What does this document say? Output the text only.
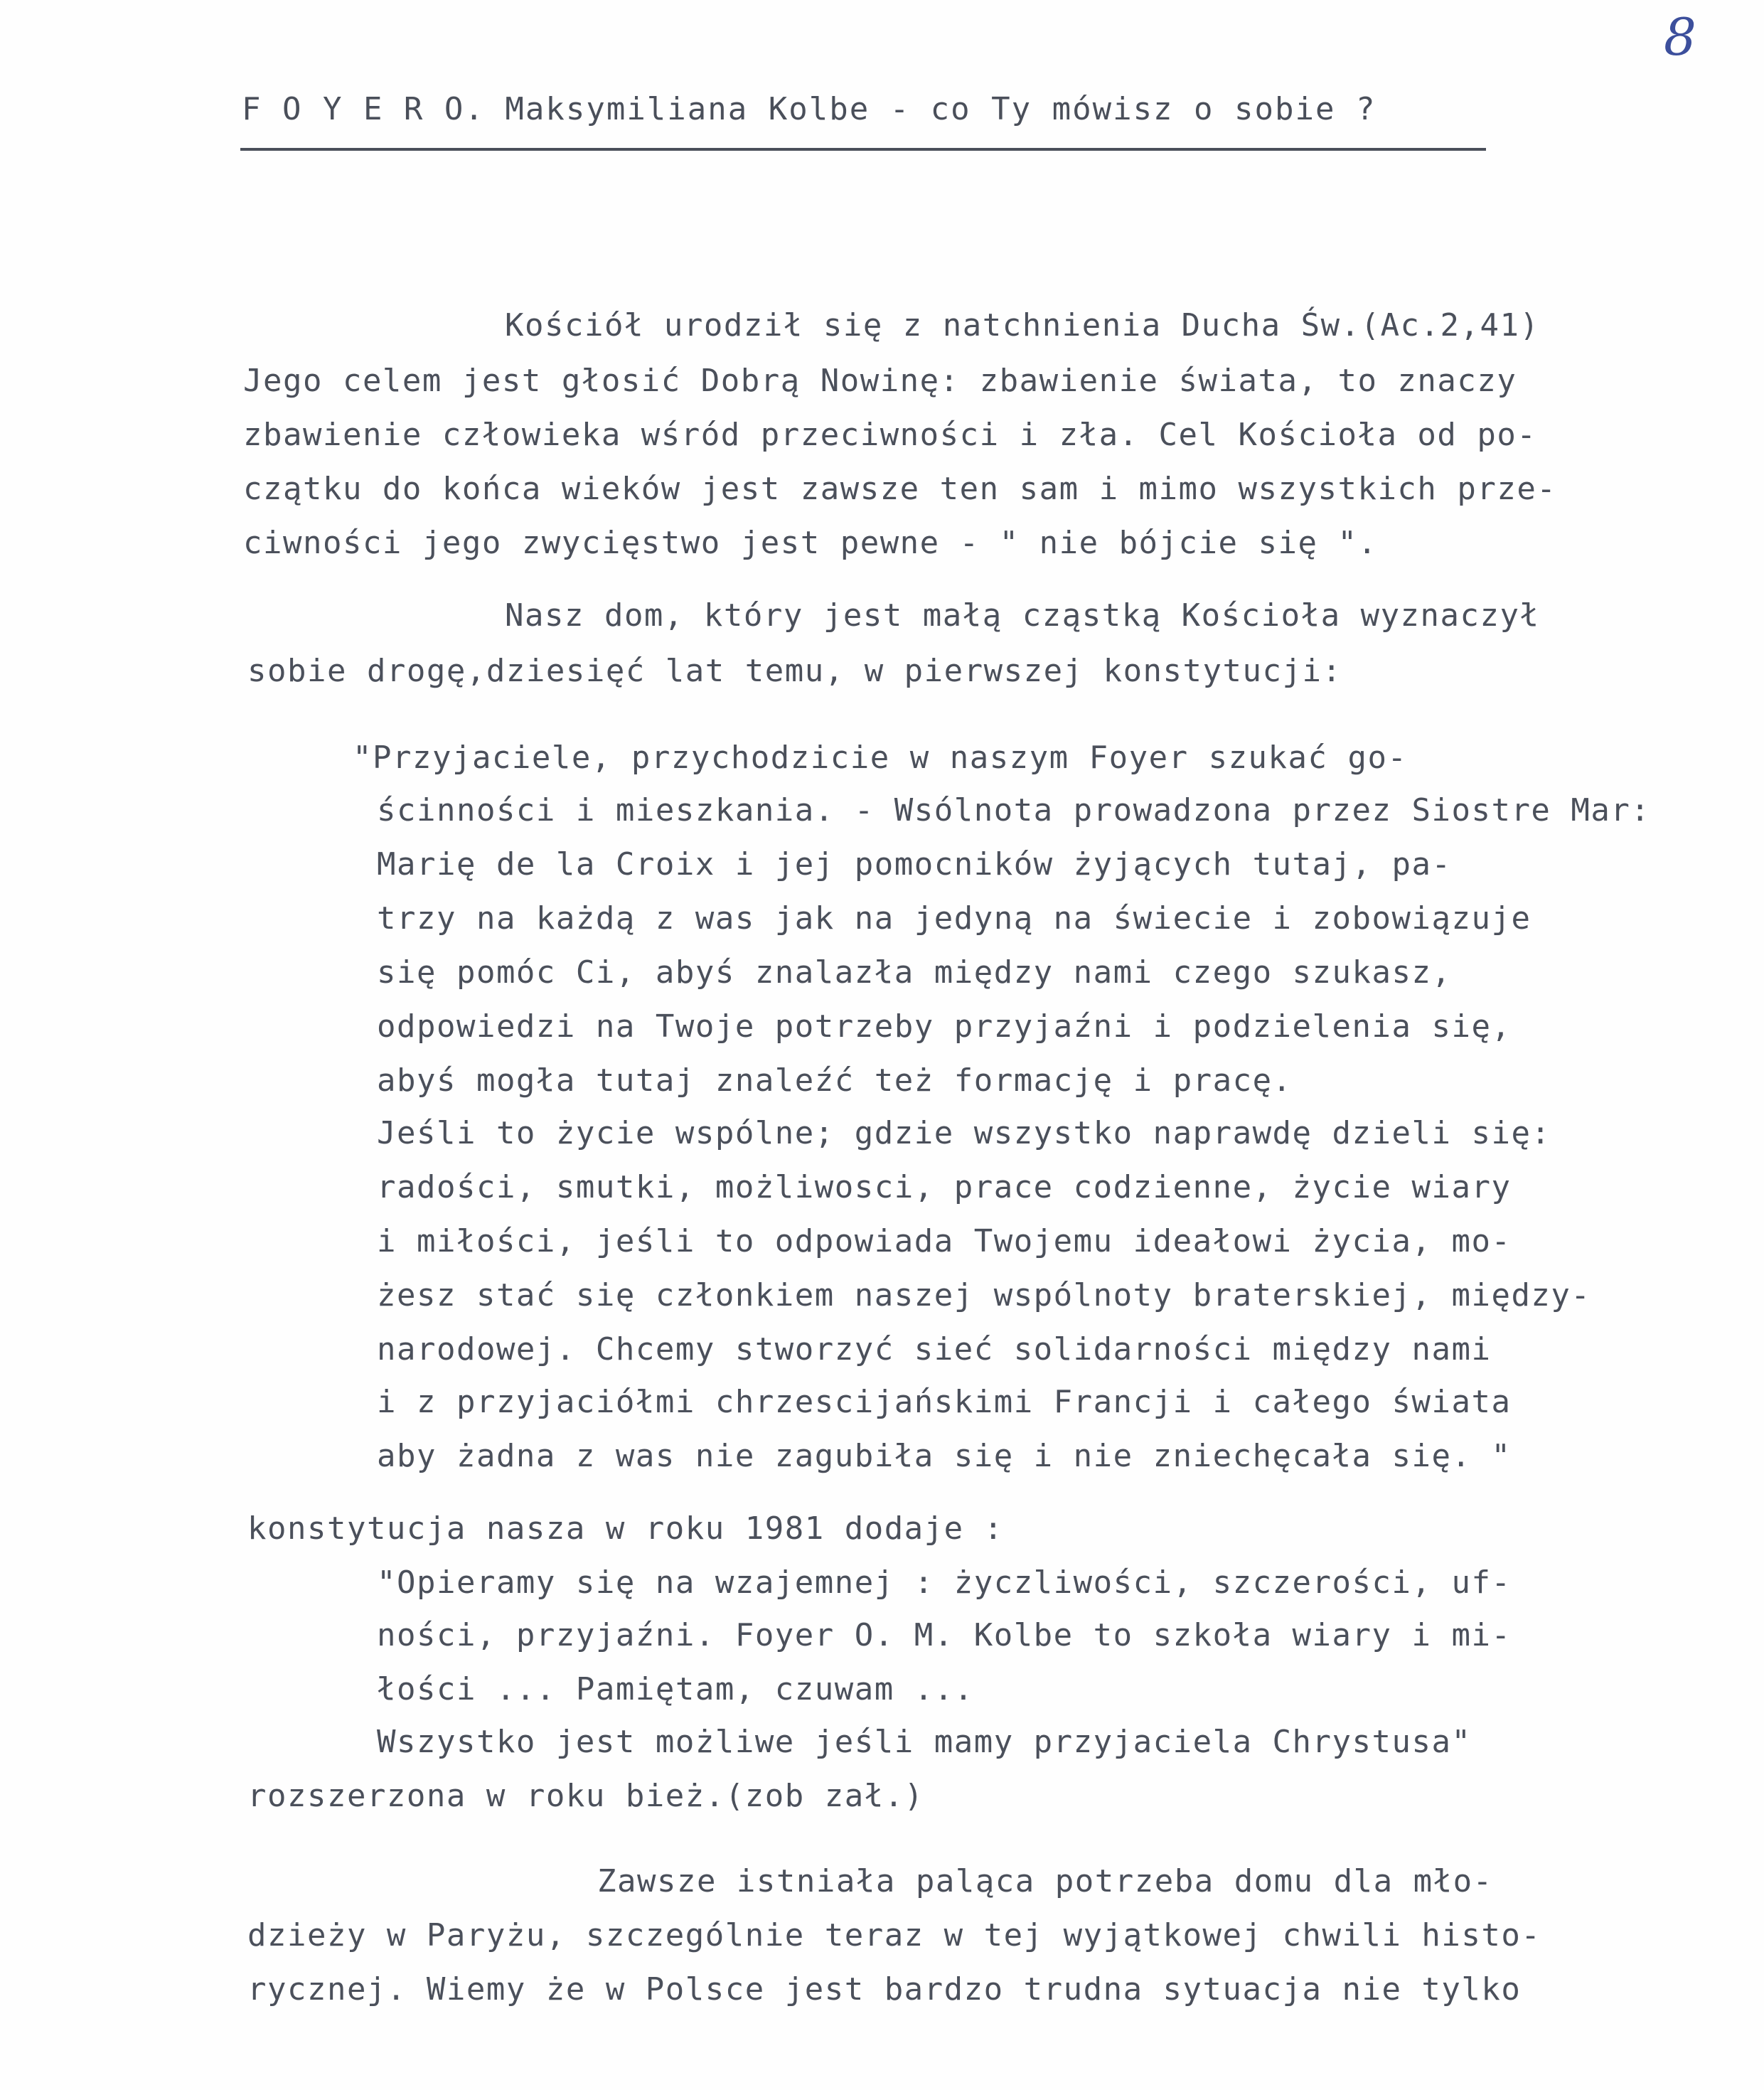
8
F O Y E R O. Maksymiliana Kolbe - co Ty mówisz o sobie ?
Kościół urodził się z natchnienia Ducha Św.(Ac.2,41)
Jego celem jest głosić Dobrą Nowinę: zbawienie świata, to znaczy
zbawienie człowieka wśród przeciwności i zła. Cel Kościoła od po-
czątku do końca wieków jest zawsze ten sam i mimo wszystkich prze-
ciwności jego zwycięstwo jest pewne - " nie bójcie się ".
Nasz dom, który jest małą cząstką Kościoła wyznaczył
sobie drogę,dziesięć lat temu, w pierwszej konstytucji:
"Przyjaciele, przychodzicie w naszym Foyer szukać go-
ścinności i mieszkania. - Wsólnota prowadzona przez Siostre Mar:
Marię de la Croix i jej pomocników żyjących tutaj, pa-
trzy na każdą z was jak na jedyną na świecie i zobowiązuje
się pomóc Ci, abyś znalazła między nami czego szukasz,
odpowiedzi na Twoje potrzeby przyjaźni i podzielenia się,
abyś mogła tutaj znaleźć też formację i pracę.
Jeśli to życie wspólne; gdzie wszystko naprawdę dzieli się:
radości, smutki, możliwosci, prace codzienne, życie wiary
i miłości, jeśli to odpowiada Twojemu ideałowi życia, mo-
żesz stać się członkiem naszej wspólnoty braterskiej, między-
narodowej. Chcemy stworzyć sieć solidarności między nami
i z przyjaciółmi chrzescijańskimi Francji i całego świata
aby żadna z was nie zagubiła się i nie zniechęcała się. "
konstytucja nasza w roku 1981 dodaje :
"Opieramy się na wzajemnej : życzliwości, szczerości, uf-
ności, przyjaźni. Foyer O. M. Kolbe to szkoła wiary i mi-
łości ... Pamiętam, czuwam ...
Wszystko jest możliwe jeśli mamy przyjaciela Chrystusa"
rozszerzona w roku bież.(zob zał.)
Zawsze istniała paląca potrzeba domu dla mło-
dzieży w Paryżu, szczególnie teraz w tej wyjątkowej chwili histo-
rycznej. Wiemy że w Polsce jest bardzo trudna sytuacja nie tylko
